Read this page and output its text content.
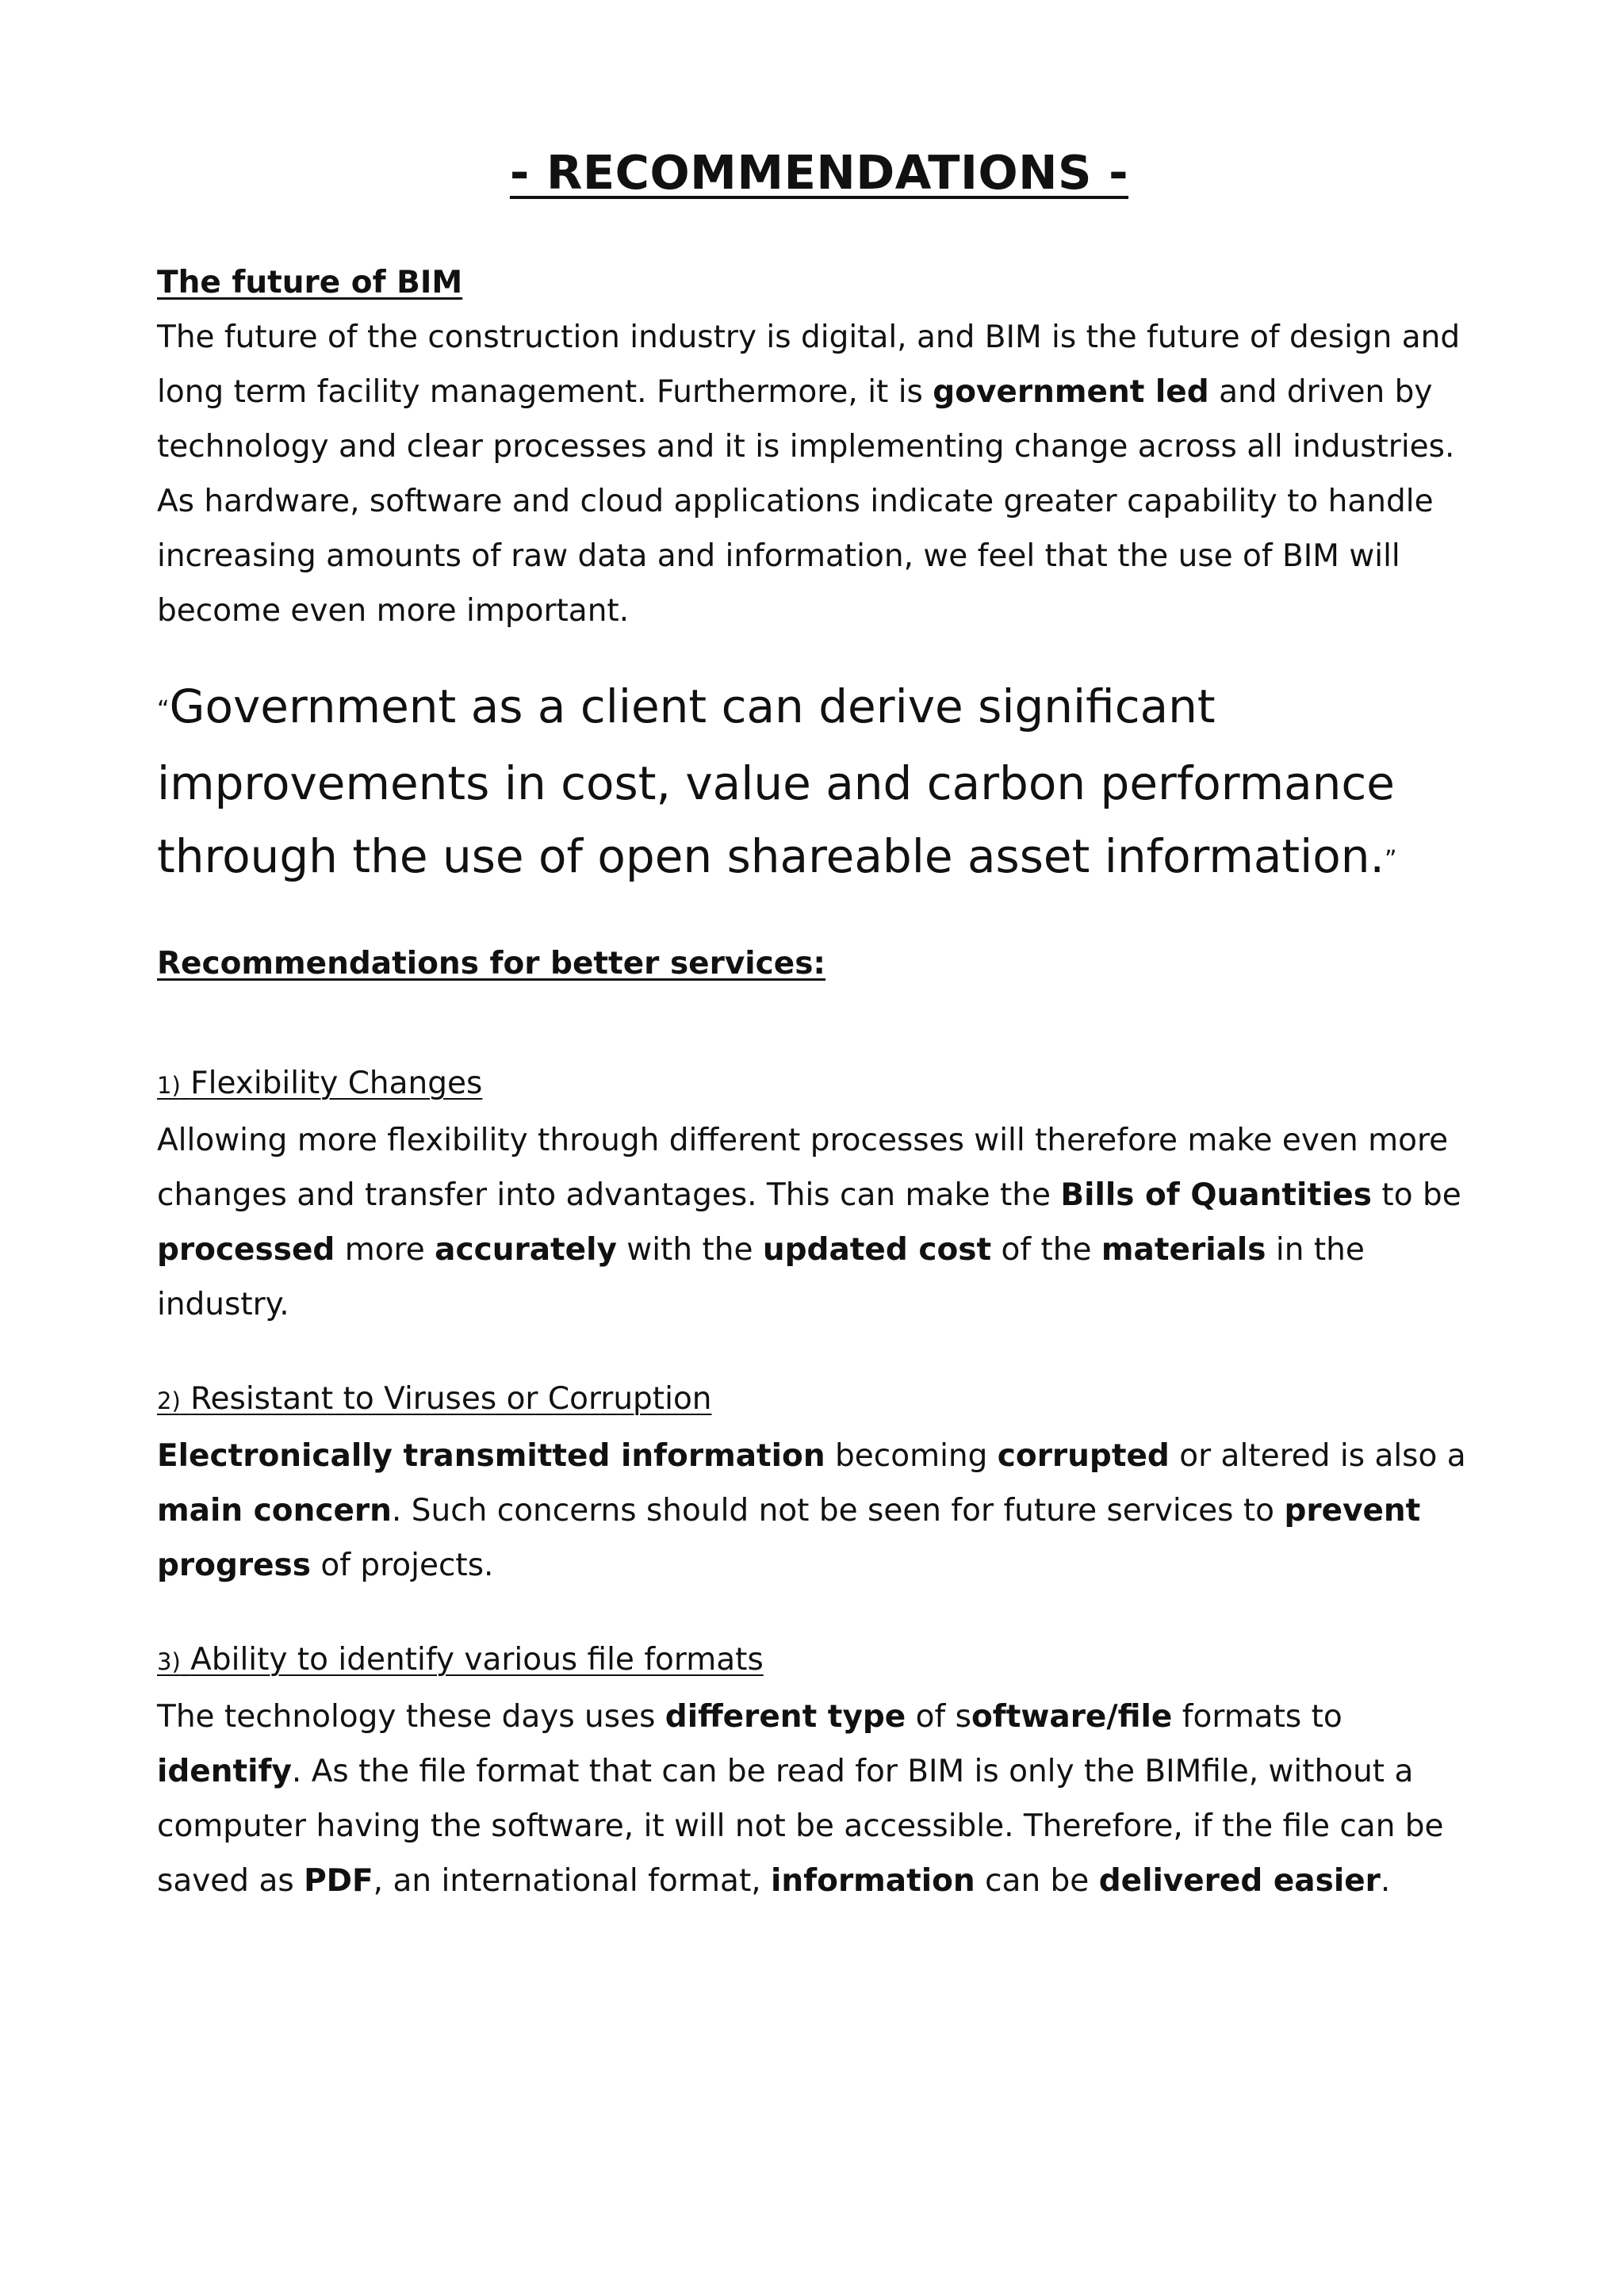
- RECOMMENDATIONS -
The future of BIM

The future of the construction industry is digital, and BIM is the future of design and long term facility management. Furthermore, it is government led and driven by technology and clear processes and it is implementing change across all industries. As hardware, software and cloud applications indicate greater capability to handle increasing amounts of raw data and information, we feel that the use of BIM will become even more important.

“Government as a client can derive significant improvements in cost, value and carbon performance through the use of open shareable asset information.”

Recommendations for better services:

1) Flexibility Changes

Allowing more flexibility through different processes will therefore make even more changes and transfer into advantages. This can make the Bills of Quantities to be processed more accurately with the updated cost of the materials in the industry.

2) Resistant to Viruses or Corruption

Electronically transmitted information becoming corrupted or altered is also a main concern. Such concerns should not be seen for future services to prevent progress of projects.

3) Ability to identify various file formats

The technology these days uses different type of software/file formats to identify. As the file format that can be read for BIM is only the BIMfile, without a computer having the software, it will not be accessible. Therefore, if the file can be saved as PDF, an international format, information can be delivered easier.
